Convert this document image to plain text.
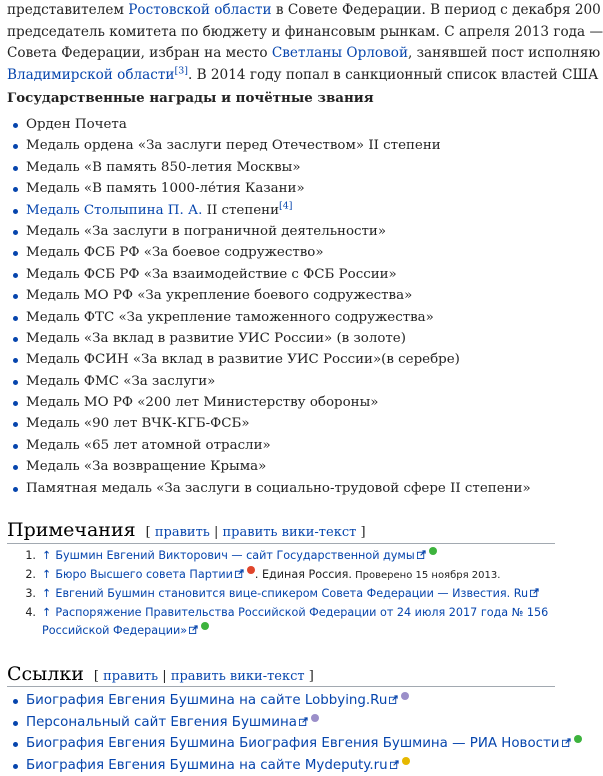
представителем Ростовской области в Совете Федерации. В период с декабря 200
председатель комитета по бюджету и финансовым рынкам. С апреля 2013 года —
Совета Федерации, избран на место Светланы Орловой, занявшей пост исполняю
Владимирской области[3]. В 2014 году попал в санкционный список властей США
Государственные награды и почётные звания
Орден Почета
Медаль ордена «За заслуги перед Отечеством» II степени
Медаль «В память 850-летия Москвы»
Медаль «В память 1000-ле́тия Казани»
Медаль Столыпина П. А. II степени[4]
Медаль «За заслуги в пограничной деятельности»
Медаль ФСБ РФ «За боевое содружество»
Медаль ФСБ РФ «За взаимодействие с ФСБ России»
Медаль МО РФ «За укрепление боевого содружества»
Медаль ФТС «За укрепление таможенного содружества»
Медаль «За вклад в развитие УИС России» (в золоте)
Медаль ФСИН «За вклад в развитие УИС России»(в серебре)
Медаль ФМС «За заслуги»
Медаль МО РФ «200 лет Министерству обороны»
Медаль «90 лет ВЧК-КГБ-ФСБ»
Медаль «65 лет атомной отрасли»
Медаль «За возвращение Крыма»
Памятная медаль «За заслуги в социально-трудовой сфере II степени»
Примечания [ править | править вики-текст ]
1. ↑ Бушмин Евгений Викторович — сайт Государственной думы
2. ↑ Бюро Высшего совета Партии . Единая Россия. Проверено 15 ноября 2013.
3. ↑ Евгений Бушмин становится вице-спикером Совета Федерации — Известия. Ru
4. ↑ Распоряжение Правительства Российской Федерации от 24 июля 2017 года № 156
Российской Федерации»
Ссылки [ править | править вики-текст ]
Биография Евгения Бушмина на сайте Lobbying.Ru
Персональный сайт Евгения Бушмина
Биография Евгения Бушмина Биография Евгения Бушмина — РИА Новости
Биография Евгения Бушмина на сайте Mydeputy.ru
